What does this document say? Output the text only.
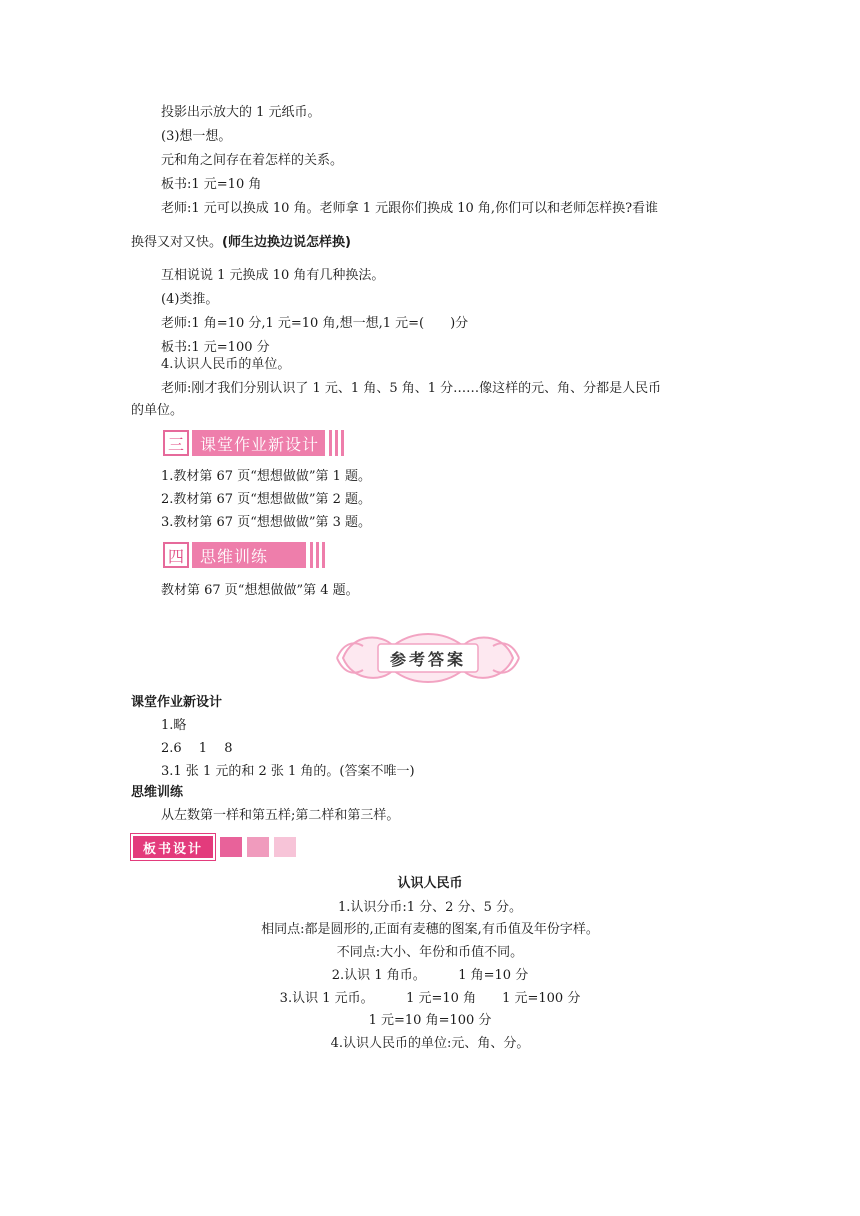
投影出示放大的 1 元纸币。
(3)想一想。
元和角之间存在着怎样的关系。
板书:1 元=10 角
老师:1 元可以换成 10 角。老师拿 1 元跟你们换成 10 角,你们可以和老师怎样换?看谁
换得又对又快。(师生边换边说怎样换)
互相说说 1 元换成 10 角有几种换法。
(4)类推。
老师:1 角=10 分,1 元=10 角,想一想,1 元=(　　)分
板书:1 元=100 分
4.认识人民币的单位。
老师:刚才我们分别认识了 1 元、1 角、5 角、1 分……像这样的元、角、分都是人民币
的单位。
三	课堂作业新设计
1.教材第 67 页“想想做做”第 1 题。
2.教材第 67 页“想想做做”第 2 题。
3.教材第 67 页“想想做做”第 3 题。
四	思维训练
教材第 67 页“想想做做”第 4 题。
参考答案
课堂作业新设计
1.略
2.6　 1　 8
3.1 张 1 元的和 2 张 1 角的。(答案不唯一)
思维训练
从左数第一样和第五样;第二样和第三样。
板书设计
认识人民币
1.认识分币:1 分、2 分、5 分。
相同点:都是圆形的,正面有麦穗的图案,有币值及年份字样。
不同点:大小、年份和币值不同。
2.认识 1 角币。　　　1 角=10 分
3.认识 1 元币。　　　1 元=10 角　　1 元=100 分
1 元=10 角=100 分
4.认识人民币的单位:元、角、分。
